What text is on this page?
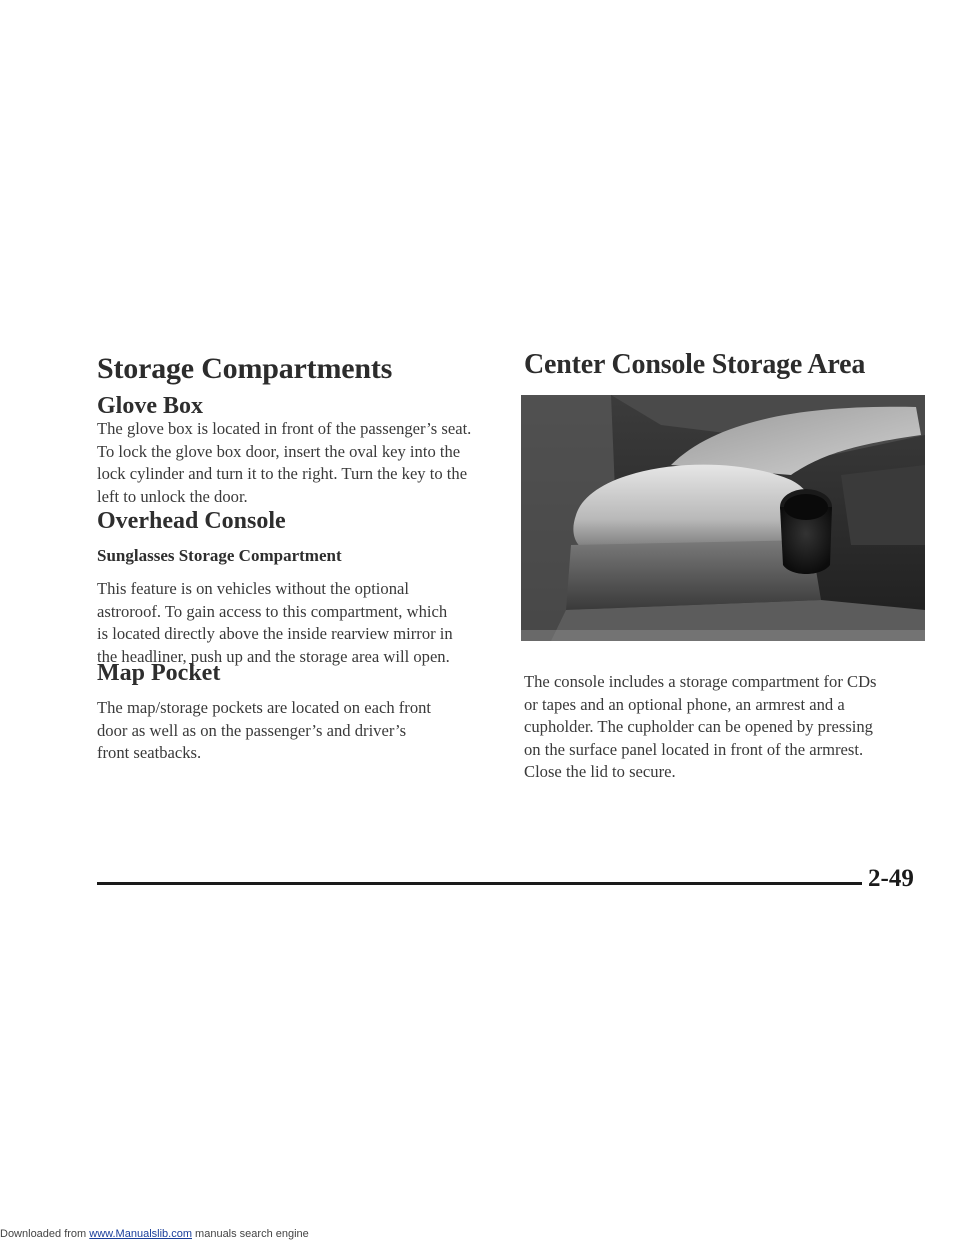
Storage Compartments
Glove Box

The glove box is located in front of the passenger’s seat.
To lock the glove box door, insert the oval key into the
lock cylinder and turn it to the right. Turn the key to the
left to unlock the door.

Overhead Console
Sunglasses Storage Compartment

This feature is on vehicles without the optional
astroroof. To gain access to this compartment, which
is located directly above the inside rearview mirror in
the headliner, push up and the storage area will open.

Map Pocket

The map/storage pockets are located on each front
door as well as on the passenger’s and driver’s
front seatbacks.

Center Console Storage Area

The console includes a storage compartment for CDs
or tapes and an optional phone, an armrest and a
cupholder. The cupholder can be opened by pressing
on the surface panel located in front of the armrest.
Close the lid to secure.

2-49
Downloaded from www.Manualslib.com manuals search engine
